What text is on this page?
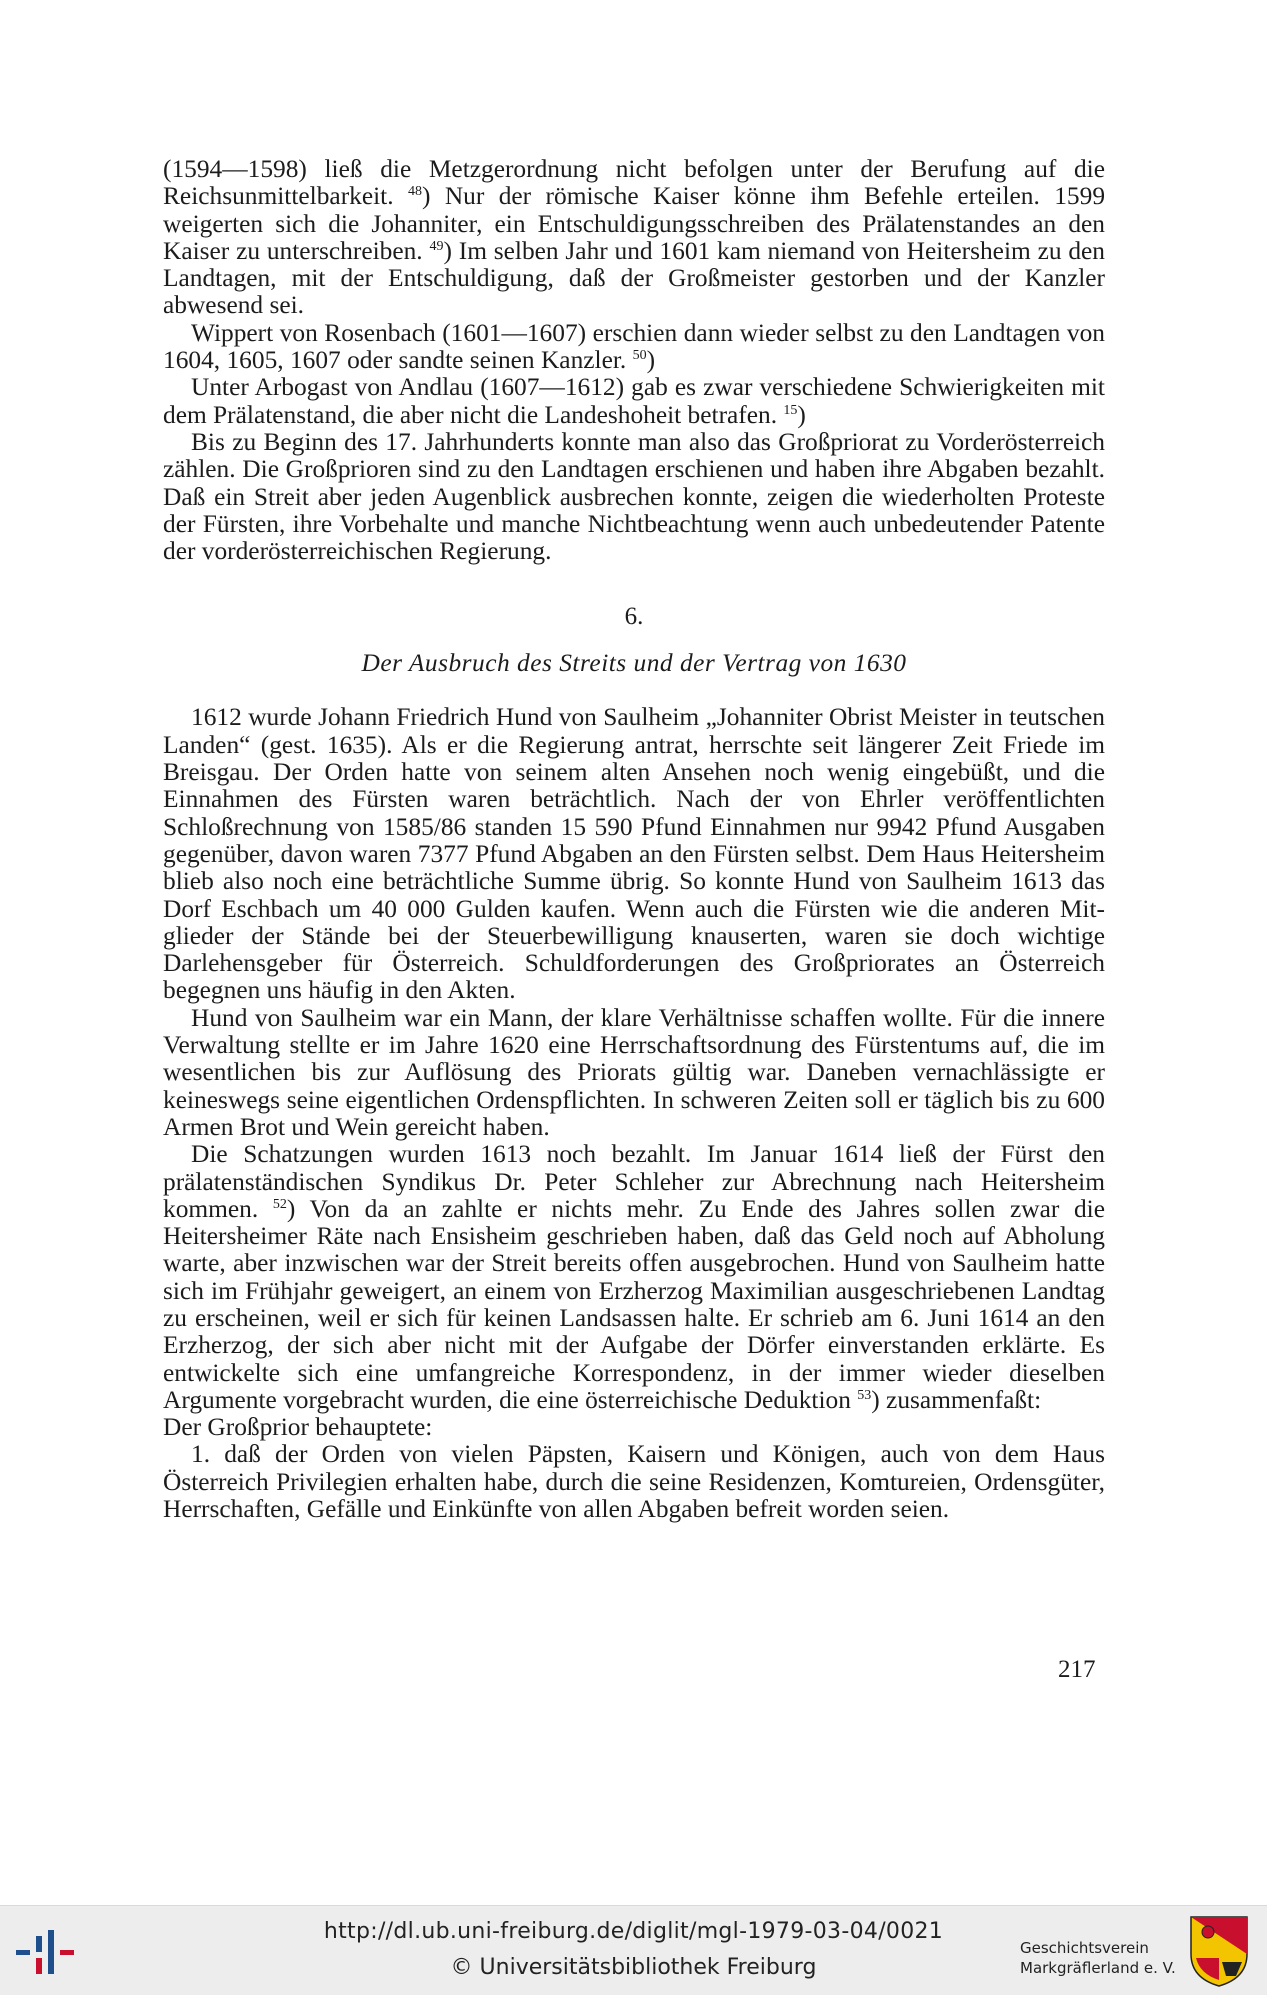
(1594—1598) ließ die Metzgerordnung nicht befolgen unter der Berufung auf die Reichsunmittelbarkeit. $^{48}$) Nur der römische Kaiser könne ihm Befehle erteilen. 1599 weigerten sich die Johanniter, ein Entschuldigungsschreiben des Prälatenstandes an den Kaiser zu unterschreiben. $^{49}$) Im selben Jahr und 1601 kam niemand von Heitersheim zu den Landtagen, mit der Entschuldigung, daß der Großmeister gestorben und der Kanzler abwesend sei.

Wippert von Rosenbach (1601—1607) erschien dann wieder selbst zu den Landtagen von 1604, 1605, 1607 oder sandte seinen Kanzler. $^{50}$)

Unter Arbogast von Andlau (1607—1612) gab es zwar verschiedene Schwierigkeiten mit dem Prälatenstand, die aber nicht die Landeshoheit betrafen. $^{15}$)

Bis zu Beginn des 17. Jahrhunderts konnte man also das Großpriorat zu Vorderösterreich zählen. Die Großprioren sind zu den Landtagen erschienen und haben ihre Abgaben bezahlt. Daß ein Streit aber jeden Augenblick ausbrechen konnte, zeigen die wiederholten Proteste der Fürsten, ihre Vorbehalte und manche Nichtbeachtung wenn auch unbedeutender Patente der vorderösterreichischen Regierung.

6.
Der Ausbruch des Streits und der Vertrag von 1630

1612 wurde Johann Friedrich Hund von Saulheim „Johanniter Obrist Meister in teutschen Landen“ (gest. 1635). Als er die Regierung antrat, herrschte seit längerer Zeit Friede im Breisgau. Der Orden hatte von seinem alten Ansehen noch wenig eingebüßt, und die Einnahmen des Fürsten waren beträchtlich. Nach der von Ehrler veröffentlichten Schloßrechnung von 1585/86 standen 15 590 Pfund Einnahmen nur 9942 Pfund Ausgaben gegenüber, davon waren 7377 Pfund Abgaben an den Fürsten selbst. Dem Haus Heitersheim blieb also noch eine beträchtliche Summe übrig. So konnte Hund von Saulheim 1613 das Dorf Eschbach um 40 000 Gulden kaufen. Wenn auch die Fürsten wie die anderen Mitglieder der Stände bei der Steuerbewilligung knauserten, waren sie doch wichtige Darlehensgeber für Österreich. Schuldforderungen des Großpriorates an Österreich begegnen uns häufig in den Akten.

Hund von Saulheim war ein Mann, der klare Verhältnisse schaffen wollte. Für die innere Verwaltung stellte er im Jahre 1620 eine Herrschaftsordnung des Fürstentums auf, die im wesentlichen bis zur Auflösung des Priorats gültig war. Daneben vernachlässigte er keineswegs seine eigentlichen Ordenspflichten. In schweren Zeiten soll er täglich bis zu 600 Armen Brot und Wein gereicht haben.

Die Schatzungen wurden 1613 noch bezahlt. Im Januar 1614 ließ der Fürst den prälatenständischen Syndikus Dr. Peter Schleher zur Abrechnung nach Heitersheim kommen. $^{52}$) Von da an zahlte er nichts mehr. Zu Ende des Jahres sollen zwar die Heitersheimer Räte nach Ensisheim geschrieben haben, daß das Geld noch auf Abholung warte, aber inzwischen war der Streit bereits offen ausgebrochen. Hund von Saulheim hatte sich im Frühjahr geweigert, an einem von Erzherzog Maximilian ausgeschriebenen Landtag zu erscheinen, weil er sich für keinen Landsassen halte. Er schrieb am 6. Juni 1614 an den Erzherzog, der sich aber nicht mit der Aufgabe der Dörfer einverstanden erklärte. Es entwickelte sich eine umfangreiche Korrespondenz, in der immer wieder dieselben Argumente vorgebracht wurden, die eine österreichische Deduktion $^{53}$) zusammenfaßt:

Der Großprior behauptete:

1. daß der Orden von vielen Päpsten, Kaisern und Königen, auch von dem Haus Österreich Privilegien erhalten habe, durch die seine Residenzen, Komtureien, Ordensgüter, Herrschaften, Gefälle und Einkünfte von allen Abgaben befreit worden seien.

217
http://dl.ub.uni-freiburg.de/diglit/mgl-1979-03-04/0021
© Universitätsbibliothek Freiburg
Geschichtsverein
Markgräflerland e. V.
